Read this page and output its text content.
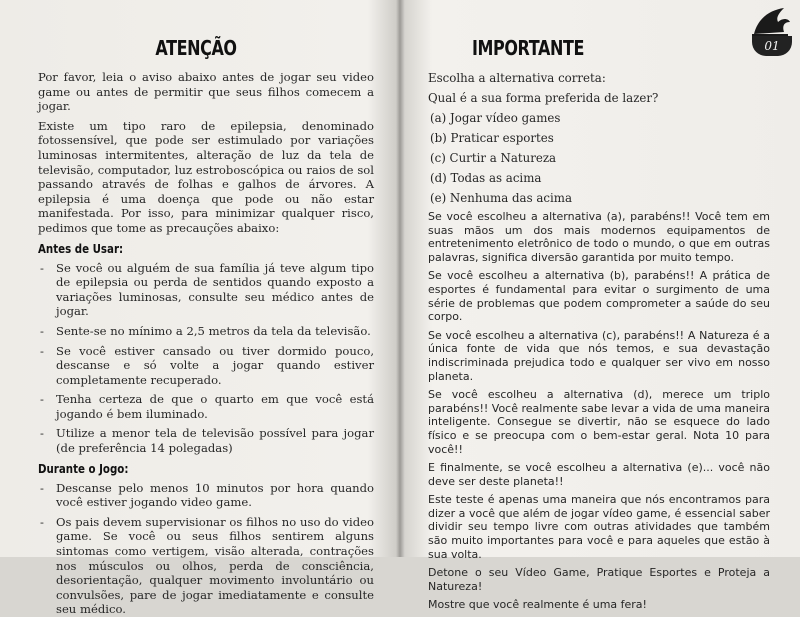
ATENÇÃO

Por favor, leia o aviso abaixo antes de jogar seu video game ou antes de permitir que seus filhos comecem a jogar.

Existe um tipo raro de epilepsia, denominado fotossensível, que pode ser estimulado por variações luminosas intermitentes, alteração de luz da tela de televisão, computador, luz estroboscópica ou raios de sol passando através de folhas e galhos de árvores. A epilepsia é uma doença que pode ou não estar manifestada. Por isso, para minimizar qualquer risco, pedimos que tome as precauções abaixo:

Antes de Usar:
- Se você ou alguém de sua família já teve algum tipo de epilepsia ou perda de sentidos quando exposto a variações luminosas, consulte seu médico antes de jogar.
- Sente-se no mínimo a 2,5 metros da tela da televisão.
- Se você estiver cansado ou tiver dormido pouco, descanse e só volte a jogar quando estiver completamente recuperado.
- Tenha certeza de que o quarto em que você está jogando é bem iluminado.
- Utilize a menor tela de televisão possível para jogar (de preferência 14 polegadas)
Durante o Jogo:
- Descanse pelo menos 10 minutos por hora quando você estiver jogando video game.
- Os pais devem supervisionar os filhos no uso do video game. Se você ou seus filhos sentirem alguns sintomas como vertigem, visão alterada, contrações nos músculos ou olhos, perda de consciência, desorientação, qualquer movimento involuntário ou convulsões, pare de jogar imediatamente e consulte seu médico.
IMPORTANTE
Escolha a alternativa correta:
Qual é a sua forma preferida de lazer?
(a) Jogar vídeo games
(b) Praticar esportes
(c) Curtir a Natureza
(d) Todas as acima
(e) Nenhuma das acima

Se você escolheu a alternativa (a), parabéns!! Você tem em suas mãos um dos mais modernos equipamentos de entretenimento eletrônico de todo o mundo, o que em outras palavras, significa diversão garantida por muito tempo.

Se você escolheu a alternativa (b), parabéns!! A prática de esportes é fundamental para evitar o surgimento de uma série de problemas que podem comprometer a saúde do seu corpo.

Se você escolheu a alternativa (c), parabéns!! A Natureza é a única fonte de vida que nós temos, e sua devastação indiscriminada prejudica todo e qualquer ser vivo em nosso planeta.

Se você escolheu a alternativa (d), merece um triplo parabéns!! Você realmente sabe levar a vida de uma maneira inteligente. Consegue se divertir, não se esquece do lado físico e se preocupa com o bem-estar geral. Nota 10 para você!!

E finalmente, se você escolheu a alternativa (e)... você não deve ser deste planeta!!

Este teste é apenas uma maneira que nós encontramos para dizer a você que além de jogar vídeo game, é essencial saber dividir seu tempo livre com outras atividades que também são muito importantes para você e para aqueles que estão à sua volta.

Detone o seu Vídeo Game, Pratique Esportes e Proteja a Natureza!

Mostre que você realmente é uma fera!

01
